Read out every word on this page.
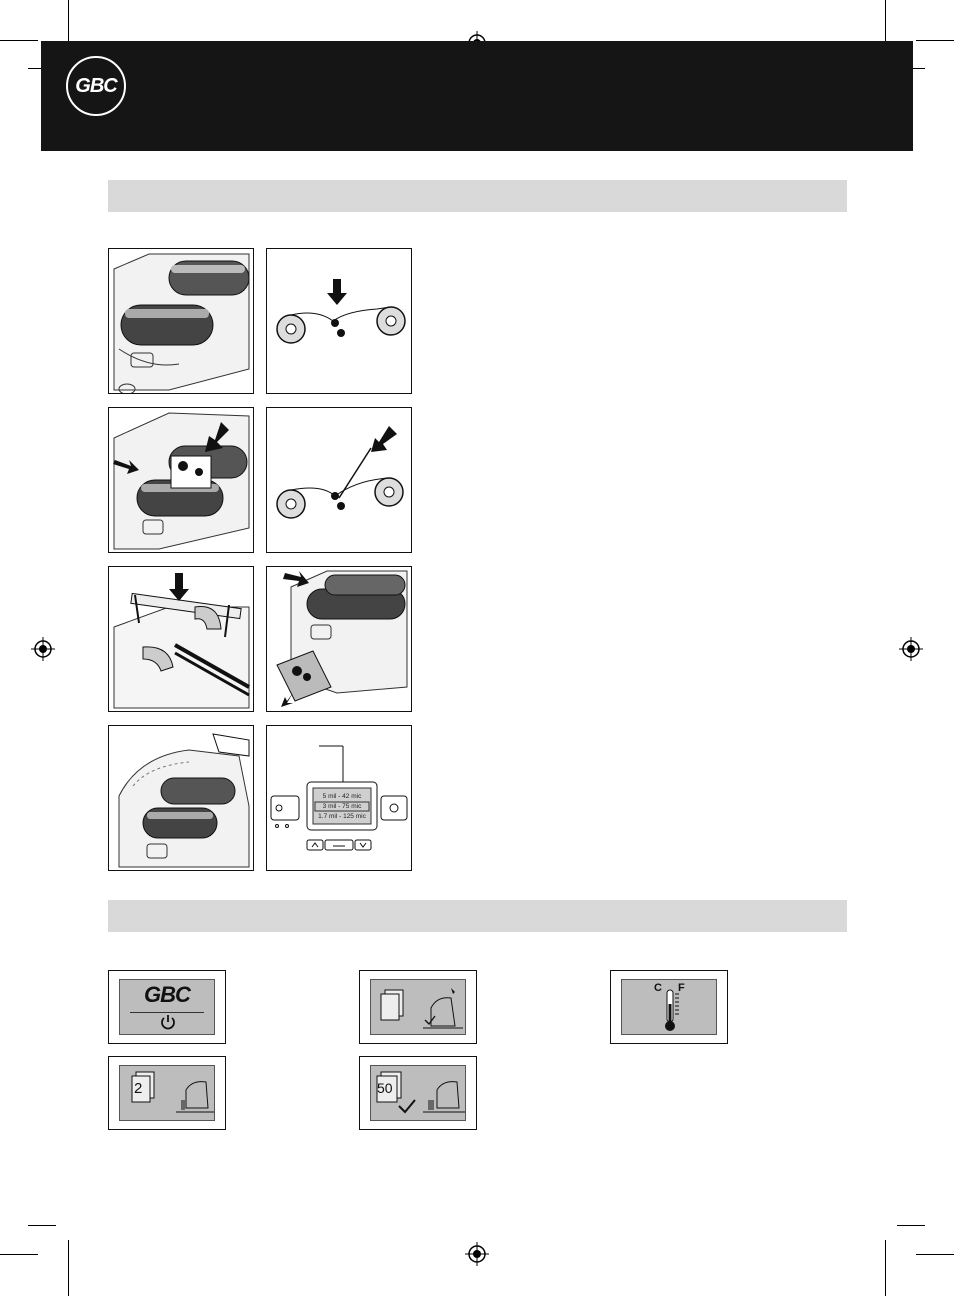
GBC
5 mil - 42 mic
3 mil - 75 mic
1.7 mil - 125 mic
GBC	C F
2	50
